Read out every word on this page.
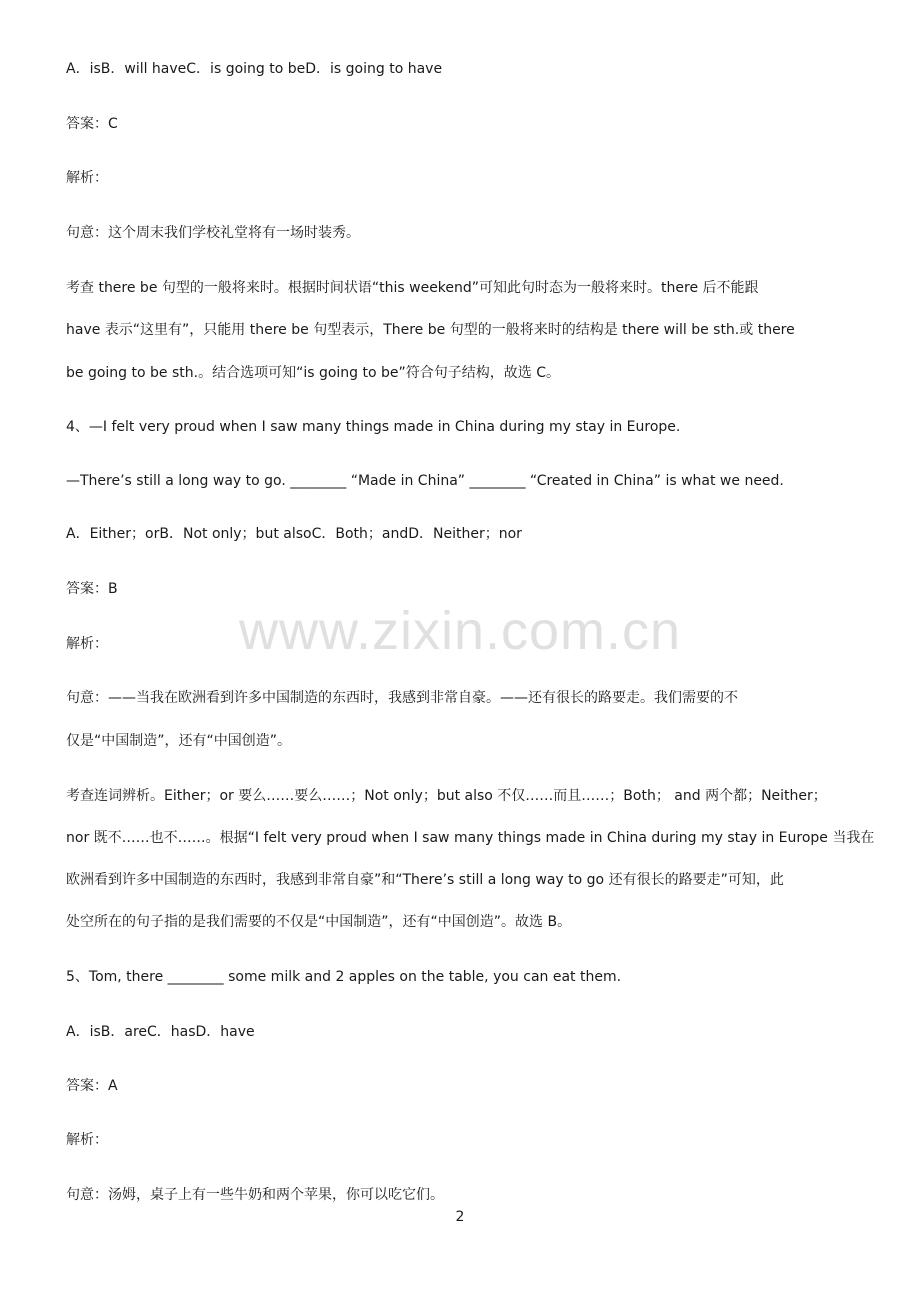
www.zixin.com.cn
A．isB．will haveC．is going to beD．is going to have
答案：C
解析：
句意：这个周末我们学校礼堂将有一场时装秀。
考查 there be 句型的一般将来时。根据时间状语“this weekend”可知此句时态为一般将来时。there 后不能跟
have 表示“这里有”，只能用 there be 句型表示，There be 句型的一般将来时的结构是 there will be sth.或 there
be going to be sth.。结合选项可知“is going to be”符合句子结构，故选 C。
4、—I felt very proud when I saw many things made in China during my stay in Europe.
—There’s still a long way to go. ________ “Made in China” ________ “Created in China” is what we need.
A．Either；orB．Not only；but alsoC．Both；andD．Neither；nor
答案：B
解析：
句意：——当我在欧洲看到许多中国制造的东西时，我感到非常自豪。——还有很长的路要走。我们需要的不
仅是“中国制造”，还有“中国创造”。
考查连词辨析。Either；or 要么……要么……；Not only；but also 不仅……而且……；Both； and 两个都；Neither；
nor 既不……也不……。根据“I felt very proud when I saw many things made in China during my stay in Europe 当我在
欧洲看到许多中国制造的东西时，我感到非常自豪”和“There’s still a long way to go 还有很长的路要走”可知，此
处空所在的句子指的是我们需要的不仅是“中国制造”，还有“中国创造”。故选 B。
5、Tom, there ________ some milk and 2 apples on the table, you can eat them.
A．isB．areC．hasD．have
答案：A
解析：
句意：汤姆，桌子上有一些牛奶和两个苹果，你可以吃它们。
2
